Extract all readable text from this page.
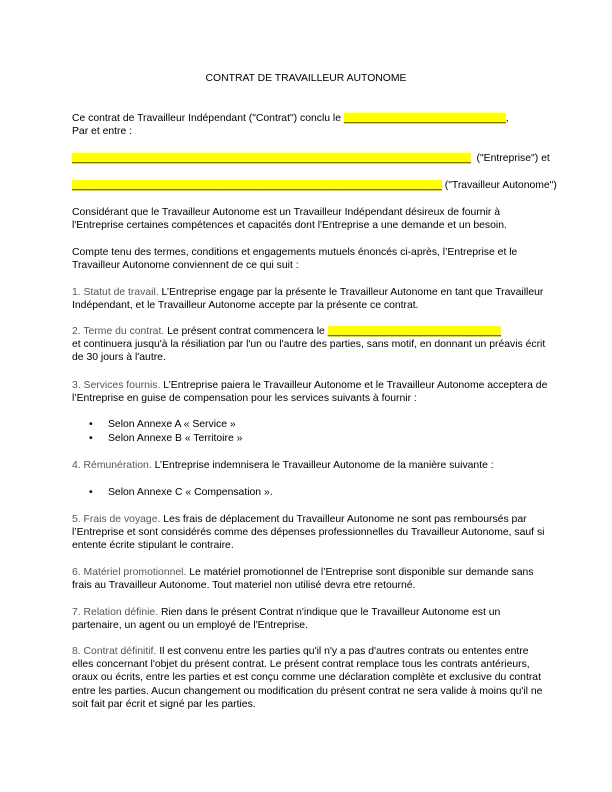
CONTRAT DE TRAVAILLEUR AUTONOME
Ce contrat de Travailleur Indépendant ("Contrat") conclu le ____________________________,
Par et entre :
_____________________________________________________________________ ("Entreprise") et
________________________________________________________________ ("Travailleur Autonome")
Considérant que le Travailleur Autonome est un Travailleur Indépendant désireux de fournir à l'Entreprise certaines compétences et capacités dont l'Entreprise a une demande et un besoin.
Compte tenu des termes, conditions et engagements mutuels énoncés ci-après, l’Entreprise et le Travailleur Autonome conviennent de ce qui suit :
1. Statut de travail. L’Entreprise engage par la présente le Travailleur Autonome en tant que Travailleur Indépendant, et le Travailleur Autonome accepte par la présente ce contrat.
2. Terme du contrat. Le présent contrat commencera le ______________________________
et continuera jusqu'à la résiliation par l'un ou l'autre des parties, sans motif, en donnant un préavis écrit de 30 jours à l'autre.
3. Services fournis. L’Entreprise paiera le Travailleur Autonome et le Travailleur Autonome acceptera de l’Entreprise en guise de compensation pour les services suivants à fournir :
• Selon Annexe A « Service »
• Selon Annexe B « Territoire »
4. Rémunération. L’Entreprise indemnisera le Travailleur Autonome de la manière suivante :
• Selon Annexe C « Compensation ».
5. Frais de voyage. Les frais de déplacement du Travailleur Autonome ne sont pas remboursés par l’Entreprise et sont considérés comme des dépenses professionnelles du Travailleur Autonome, sauf si entente écrite stipulant le contraire.
6. Matériel promotionnel. Le matériel promotionnel de l’Entreprise sont disponible sur demande sans frais au Travailleur Autonome. Tout materiel non utilisé devra etre retourné.
7. Relation définie. Rien dans le présent Contrat n'indique que le Travailleur Autonome est un partenaire, un agent ou un employé de l'Entreprise.
8. Contrat définitif. Il est convenu entre les parties qu'il n'y a pas d'autres contrats ou ententes entre elles concernant l'objet du présent contrat. Le présent contrat remplace tous les contrats antérieurs, oraux ou écrits, entre les parties et est conçu comme une déclaration complète et exclusive du contrat entre les parties. Aucun changement ou modification du présent contrat ne sera valide à moins qu'il ne soit fait par écrit et signé par les parties.
